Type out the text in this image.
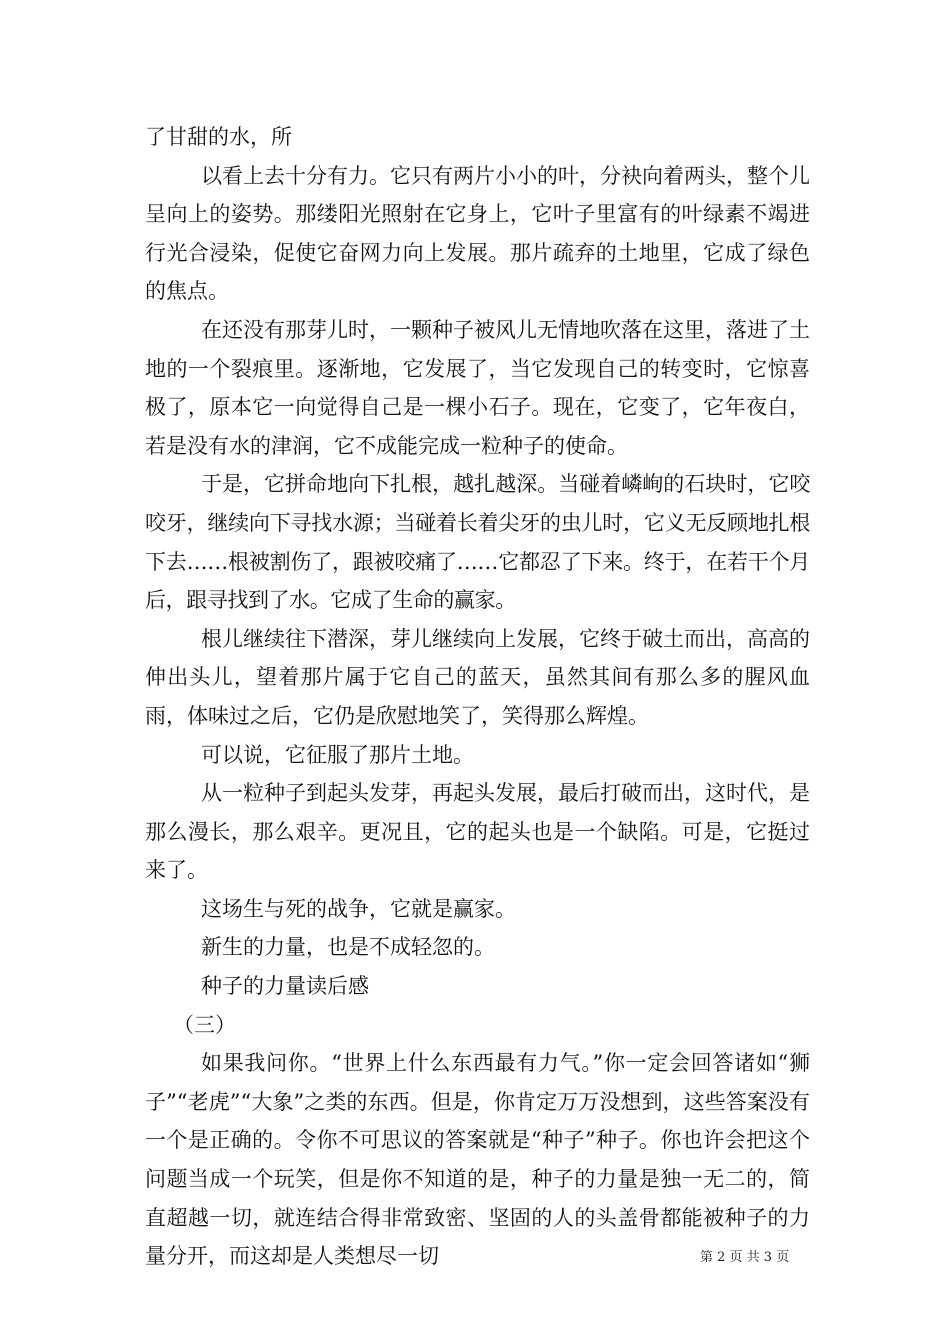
了甘甜的水，所

以看上去十分有力。它只有两片小小的叶，分袂向着两头，整个儿呈向上的姿势。那缕阳光照射在它身上，它叶子里富有的叶绿素不竭进行光合浸染，促使它奋网力向上发展。那片疏弃的土地里，它成了绿色的焦点。

在还没有那芽儿时，一颗种子被风儿无情地吹落在这里，落进了土地的一个裂痕里。逐渐地，它发展了，当它发现自己的转变时，它惊喜极了，原本它一向觉得自己是一棵小石子。现在，它变了，它年夜白，若是没有水的津润，它不成能完成一粒种子的使命。

于是，它拼命地向下扎根，越扎越深。当碰着嶙峋的石块时，它咬咬牙，继续向下寻找水源；当碰着长着尖牙的虫儿时，它义无反顾地扎根下去……根被割伤了，跟被咬痛了……它都忍了下来。终于，在若干个月后，跟寻找到了水。它成了生命的赢家。

根儿继续往下潜深，芽儿继续向上发展，它终于破土而出，高高的伸出头儿，望着那片属于它自己的蓝天，虽然其间有那么多的腥风血雨，体味过之后，它仍是欣慰地笑了，笑得那么辉煌。

可以说，它征服了那片土地。

从一粒种子到起头发芽，再起头发展，最后打破而出，这时代，是那么漫长，那么艰辛。更况且，它的起头也是一个缺陷。可是，它挺过来了。

这场生与死的战争，它就是赢家。

新生的力量，也是不成轻忽的。

种子的力量读后感

（三）

如果我问你。“世界上什么东西最有力气。”你一定会回答诸如“狮子”“老虎”“大象”之类的东西。但是，你肯定万万没想到，这些答案没有一个是正确的。令你不可思议的答案就是“种子”种子。你也许会把这个问题当成一个玩笑，但是你不知道的是，种子的力量是独一无二的，简直超越一切，就连结合得非常致密、坚固的人的头盖骨都能被种子的力量分开，而这却是人类想尽一切	第 2 页 共 3 页
